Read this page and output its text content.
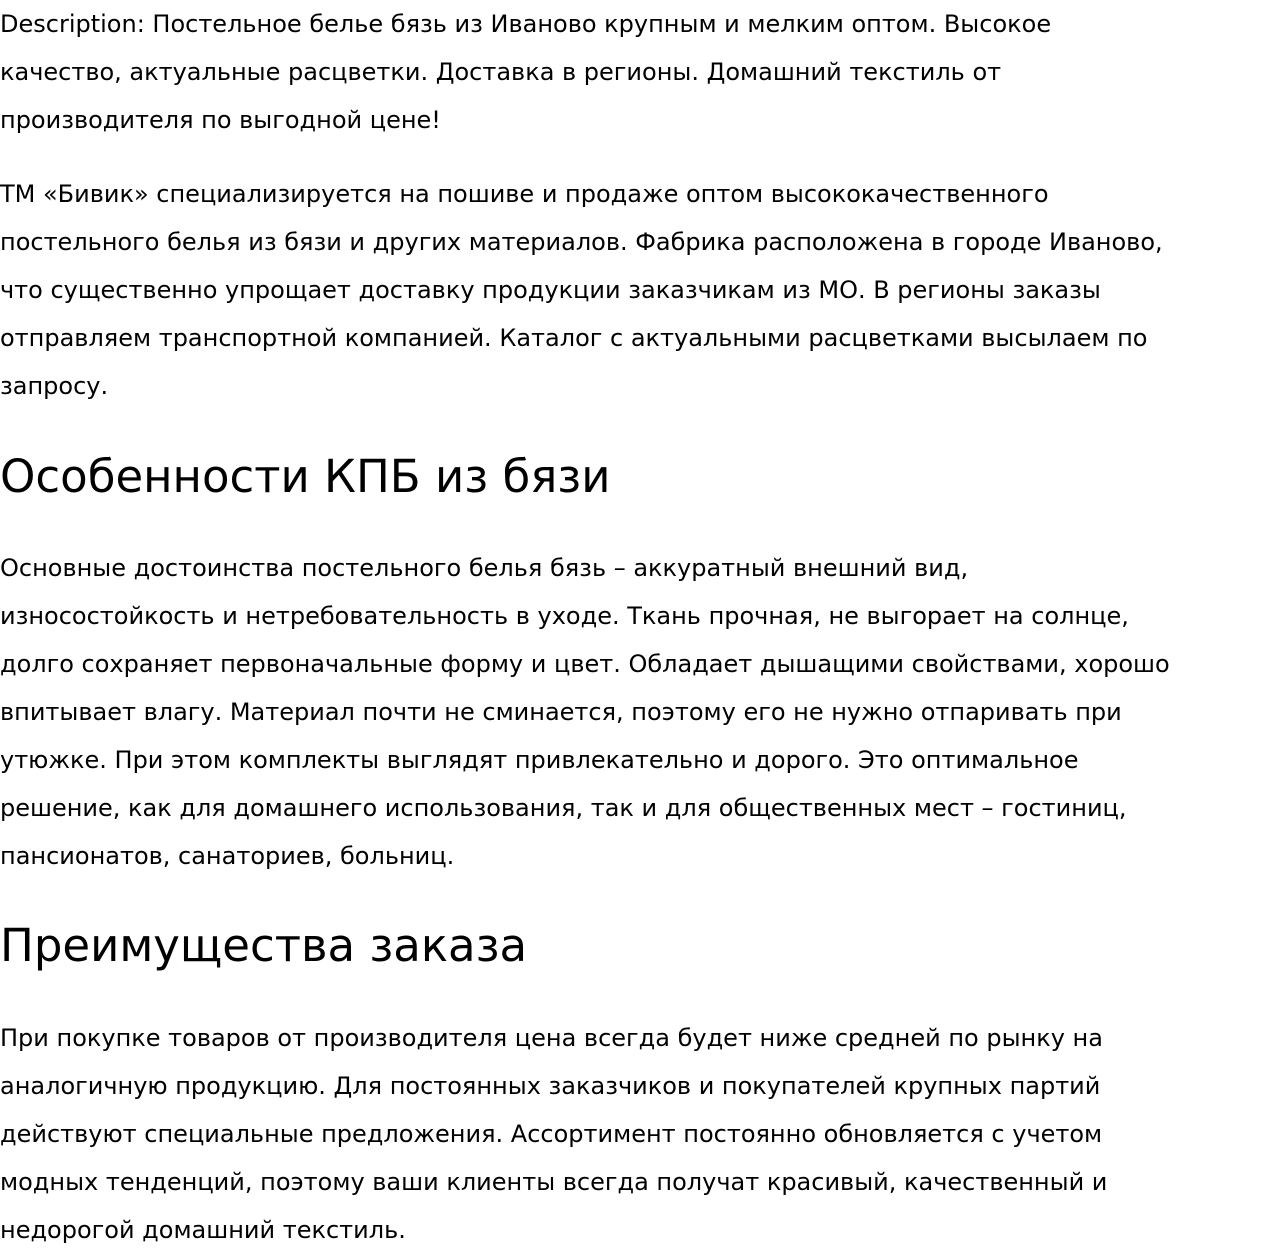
Description: Постельное белье бязь из Иваново крупным и мелким оптом. Высокое
качество, актуальные расцветки. Доставка в регионы. Домашний текстиль от
производителя по выгодной цене!

ТМ «Бивик» специализируется на пошиве и продаже оптом высококачественного
постельного белья из бязи и других материалов. Фабрика расположена в городе Иваново,
что существенно упрощает доставку продукции заказчикам из МО. В регионы заказы
отправляем транспортной компанией. Каталог с актуальными расцветками высылаем по
запросу.

Особенности КПБ из бязи

Основные достоинства постельного белья бязь – аккуратный внешний вид,
износостойкость и нетребовательность в уходе. Ткань прочная, не выгорает на солнце,
долго сохраняет первоначальные форму и цвет. Обладает дышащими свойствами, хорошо
впитывает влагу. Материал почти не сминается, поэтому его не нужно отпаривать при
утюжке. При этом комплекты выглядят привлекательно и дорого. Это оптимальное
решение, как для домашнего использования, так и для общественных мест – гостиниц,
пансионатов, санаториев, больниц.

Преимущества заказа

При покупке товаров от производителя цена всегда будет ниже средней по рынку на
аналогичную продукцию. Для постоянных заказчиков и покупателей крупных партий
действуют специальные предложения. Ассортимент постоянно обновляется с учетом
модных тенденций, поэтому ваши клиенты всегда получат красивый, качественный и
недорогой домашний текстиль.
